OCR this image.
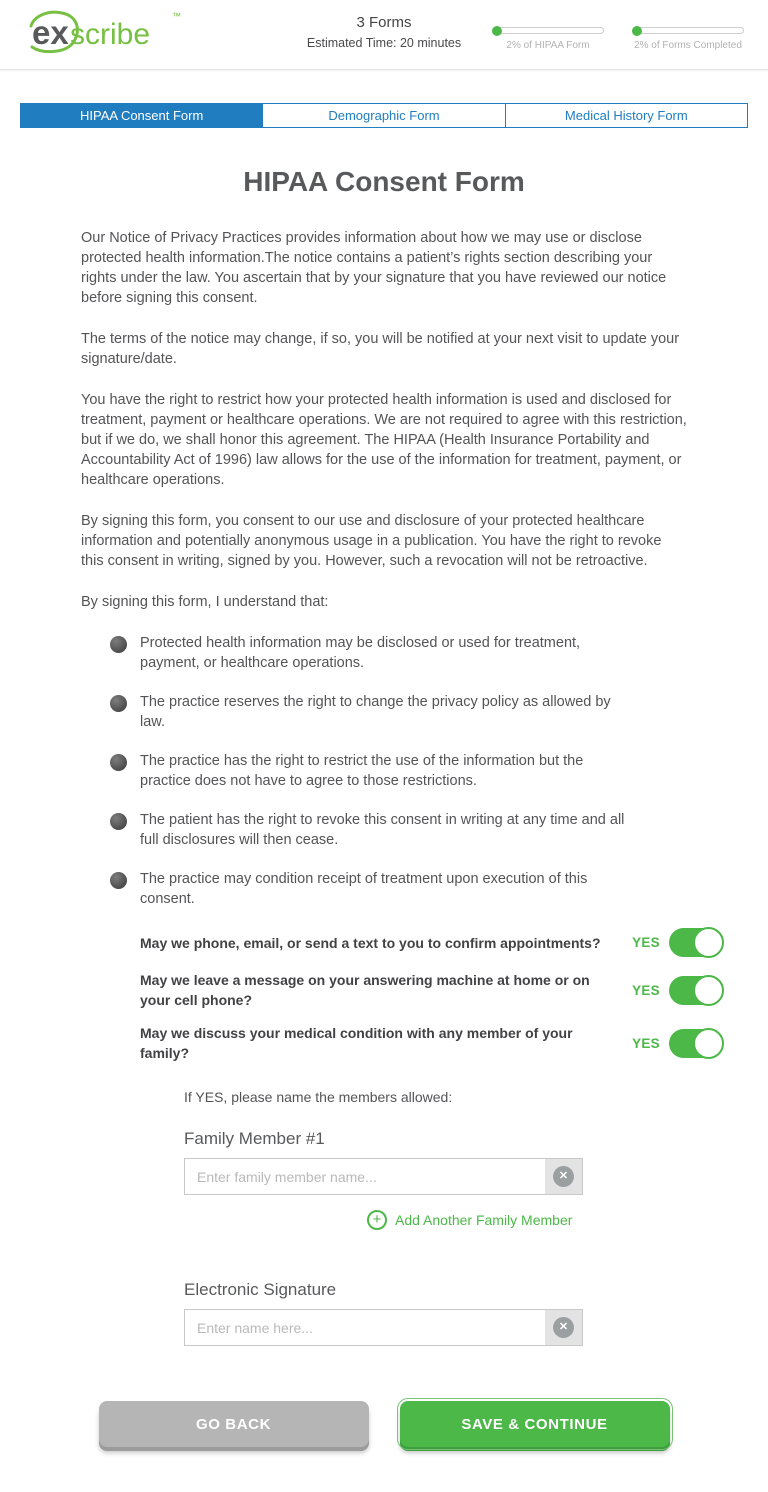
ex scribe
™	3 Forms
Estimated Time: 20 minutes	2% of HIPAA Form	2% of Forms Completed
HIPAA Consent Form	Demographic Form	Medical History Form
HIPAA Consent Form

Our Notice of Privacy Practices provides information about how we may use or disclose protected health information.The notice contains a patient’s rights section describing your rights under the law. You ascertain that by your signature that you have reviewed our notice before signing this consent.

The terms of the notice may change, if so, you will be notified at your next visit to update your signature/date.

You have the right to restrict how your protected health information is used and disclosed for treatment, payment or healthcare operations. We are not required to agree with this restriction, but if we do, we shall honor this agreement. The HIPAA (Health Insurance Portability and Accountability Act of 1996) law allows for the use of the information for treatment, payment, or healthcare operations.

By signing this form, you consent to our use and disclosure of your protected healthcare information and potentially anonymous usage in a publication. You have the right to revoke this consent in writing, signed by you. However, such a revocation will not be retroactive.

By signing this form, I understand that:

Protected health information may be disclosed or used for treatment, payment, or healthcare operations.
The practice reserves the right to change the privacy policy as allowed by law.
The practice has the right to restrict the use of the information but the practice does not have to agree to those restrictions.
The patient has the right to revoke this consent in writing at any time and all full disclosures will then cease.
The practice may condition receipt of treatment upon execution of this consent.
May we phone, email, or send a text to you to confirm appointments?	YES
May we leave a message on your answering machine at home or on your cell phone?
YES
May we discuss your medical condition with any member of your family?
YES

If YES, please name the members allowed:

Family Member #1
Enter family member name...
✕
+ Add Another Family Member
Electronic Signature
Enter name here...
✕
GO BACK	SAVE & CONTINUE
